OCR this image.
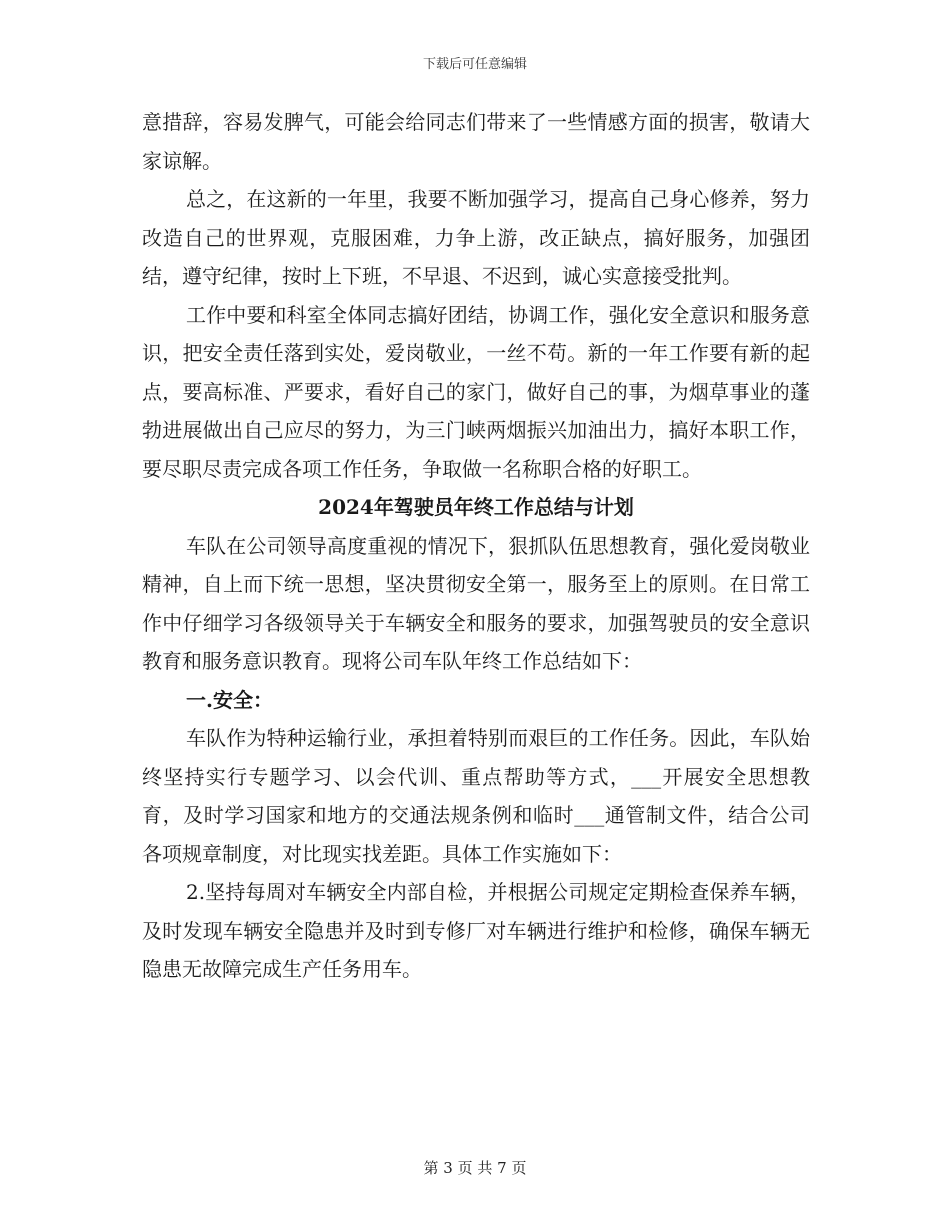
下载后可任意编辑

意措辞，容易发脾气，可能会给同志们带来了一些情感方面的损害，敬请大家谅解。

总之，在这新的一年里，我要不断加强学习，提高自己身心修养，努力改造自己的世界观，克服困难，力争上游，改正缺点，搞好服务，加强团结，遵守纪律，按时上下班，不早退、不迟到，诚心实意接受批判。

工作中要和科室全体同志搞好团结，协调工作，强化安全意识和服务意识，把安全责任落到实处，爱岗敬业，一丝不苟。新的一年工作要有新的起点，要高标准、严要求，看好自己的家门，做好自己的事，为烟草事业的蓬勃进展做出自己应尽的努力，为三门峡两烟振兴加油出力，搞好本职工作，要尽职尽责完成各项工作任务，争取做一名称职合格的好职工。

2024年驾驶员年终工作总结与计划

车队在公司领导高度重视的情况下，狠抓队伍思想教育，强化爱岗敬业精神，自上而下统一思想，坚决贯彻安全第一，服务至上的原则。在日常工作中仔细学习各级领导关于车辆安全和服务的要求，加强驾驶员的安全意识教育和服务意识教育。现将公司车队年终工作总结如下：

一.安全：

车队作为特种运输行业，承担着特别而艰巨的工作任务。因此，车队始终坚持实行专题学习、以会代训、重点帮助等方式，___开展安全思想教育，及时学习国家和地方的交通法规条例和临时___通管制文件，结合公司各项规章制度，对比现实找差距。具体工作实施如下：

2.坚持每周对车辆安全内部自检，并根据公司规定定期检查保养车辆，及时发现车辆安全隐患并及时到专修厂对车辆进行维护和检修，确保车辆无隐患无故障完成生产任务用车。

第 3 页 共 7 页
